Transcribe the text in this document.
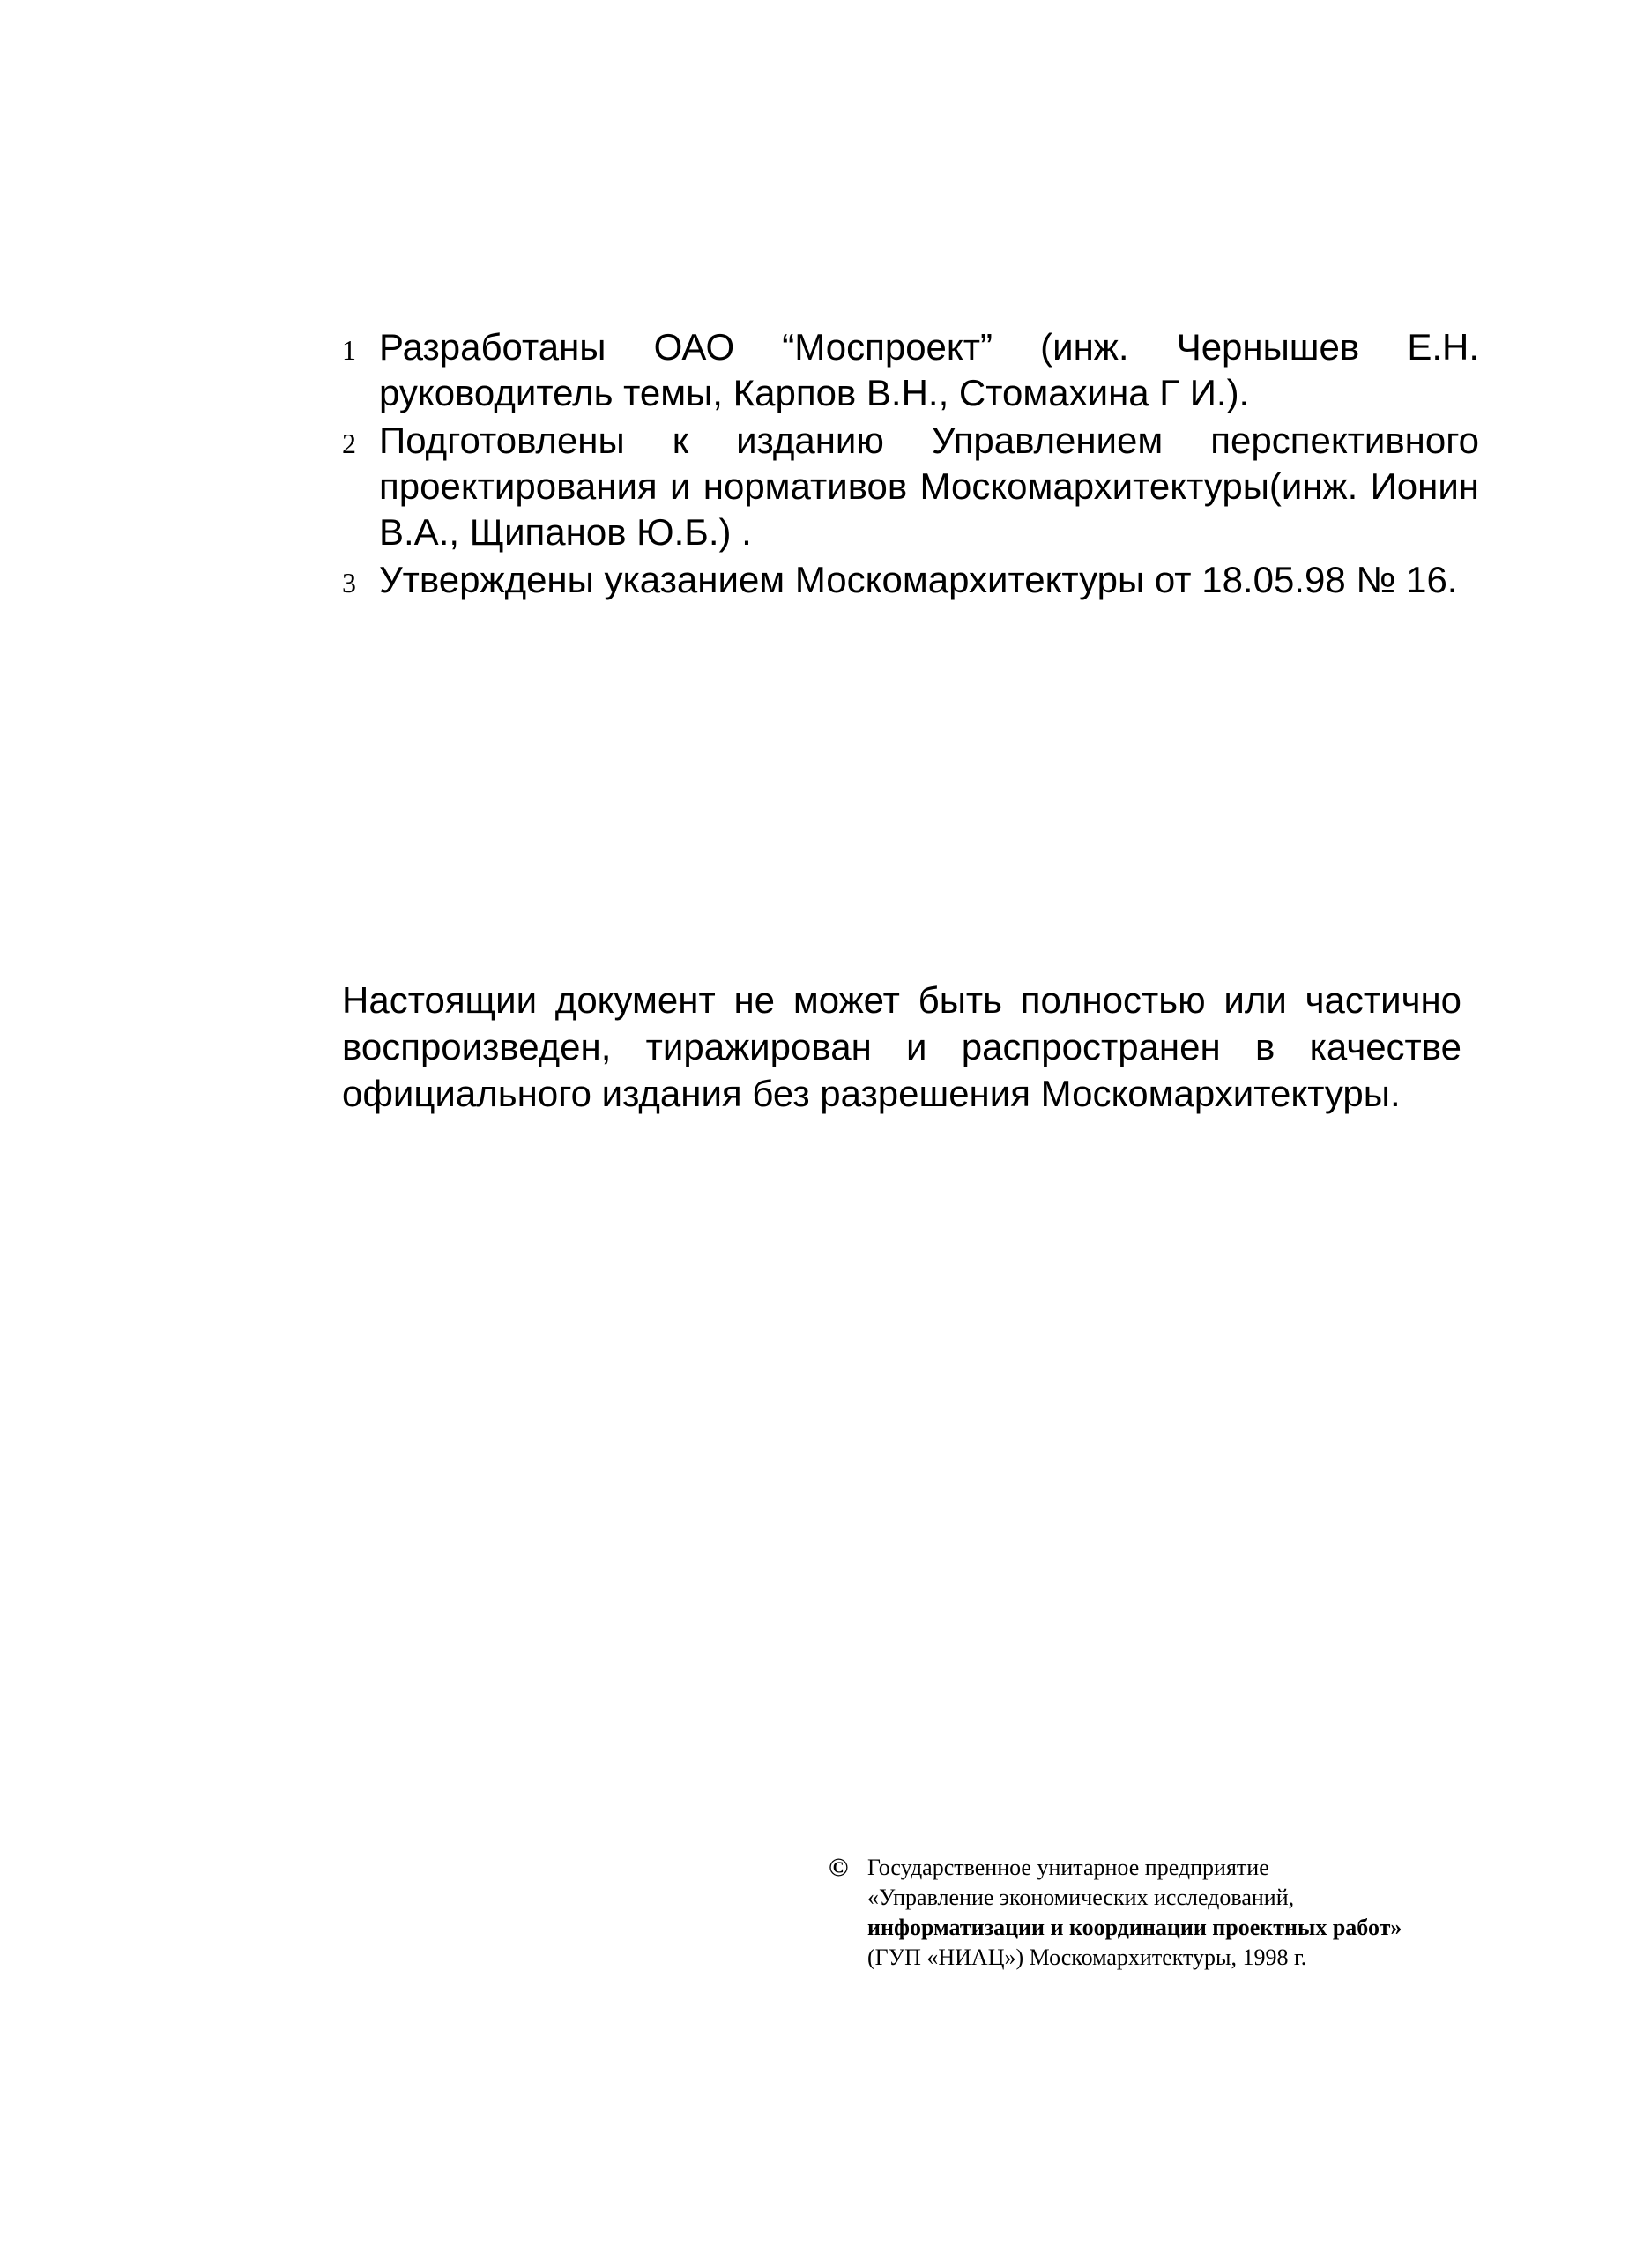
1 Разработаны ОАО “Моспроект” (инж. Чернышев Е.Н. руководитель темы, Карпов В.Н., Стомахина Г И.).
2 Подготовлены к изданию Управлением перспективного проектирования и нормативов Москомархитектуры(инж. Ионин В.А., Щипанов Ю.Б.) .
3 Утверждены указанием Москомархитектуры от 18.05.98 № 16.

Настоящии документ не может быть полностью или частично воспроизведен, тиражирован и распространен в качестве официального издания без разрешения Москомархитектуры.

© Государственное унитарное предприятие
«Управление экономических исследований,
информатизации и координации проектных работ»
(ГУП «НИАЦ») Москомархитектуры, 1998 г.
